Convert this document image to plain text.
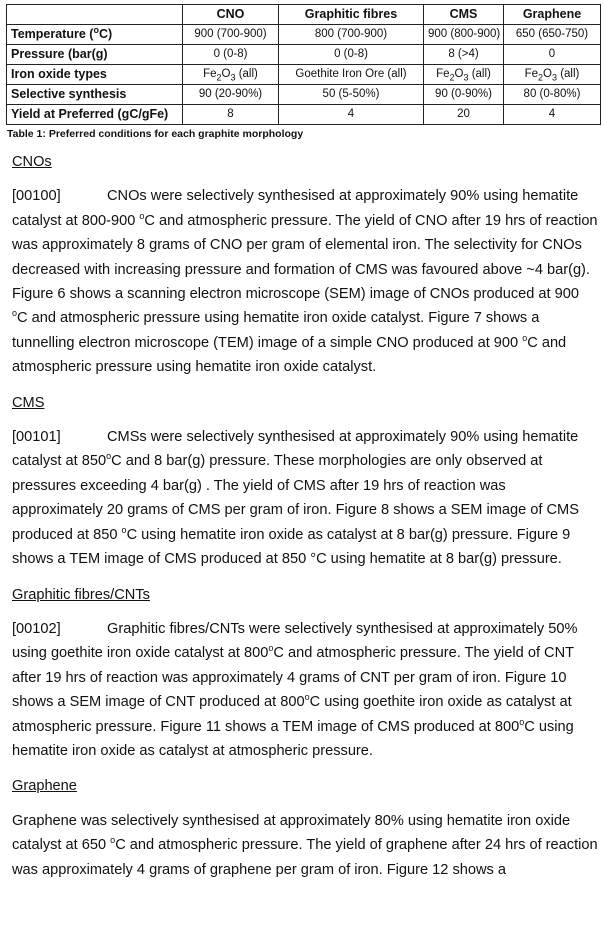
	CNO	Graphitic fibres	CMS	Graphene
Temperature ($^o$C)	900 (700-900)	800 (700-900)	900 (800-900)	650 (650-750)
Pressure (bar(g)	0 (0-8)	0 (0-8)	8 (>4)	0
Iron oxide types	$Fe_2O_3$ (all)	Goethite Iron Ore (all)	$Fe_2O_3$ (all)	$Fe_2O_3$ (all)
Selective synthesis	90 (20-90%)	50 (5-50%)	90 (0-90%)	80 (0-80%)
Yield at Preferred (gC/gFe)	8	4	20	4
Table 1: Preferred conditions for each graphite morphology

CNOs

[00100]	CNOs were selectively synthesised at approximately 90% using hematite catalyst at 800-900 $^o$C and atmospheric pressure. The yield of CNO after 19 hrs of reaction was approximately 8 grams of CNO per gram of elemental iron. The selectivity for CNOs decreased with increasing pressure and formation of CMS was favoured above ~4 bar(g). Figure 6 shows a scanning electron microscope (SEM) image of CNOs produced at 900 $^o$C and atmospheric pressure using hematite iron oxide catalyst. Figure 7 shows a tunnelling electron microscope (TEM) image of a simple CNO produced at 900 $^o$C and atmospheric pressure using hematite iron oxide catalyst.

CMS

[00101]	CMSs were selectively synthesised at approximately 90% using hematite catalyst at 850$^o$C and 8 bar(g) pressure. These morphologies are only observed at pressures exceeding 4 bar(g) . The yield of CMS after 19 hrs of reaction was approximately 20 grams of CMS per gram of iron. Figure 8 shows a SEM image of CMS produced at 850 $^o$C using hematite iron oxide as catalyst at 8 bar(g) pressure. Figure 9 shows a TEM image of CMS produced at 850 °C using hematite at 8 bar(g) pressure.

Graphitic fibres/CNTs

[00102]	Graphitic fibres/CNTs were selectively synthesised at approximately 50% using goethite iron oxide catalyst at 800$^o$C and atmospheric pressure. The yield of CNT after 19 hrs of reaction was approximately 4 grams of CNT per gram of iron. Figure 10 shows a SEM image of CNT produced at 800$^o$C using goethite iron oxide as catalyst at atmospheric pressure. Figure 11 shows a TEM image of CMS produced at 800$^o$C using hematite iron oxide as catalyst at atmospheric pressure.

Graphene

Graphene was selectively synthesised at approximately 80% using hematite iron oxide catalyst at 650 $^o$C and atmospheric pressure. The yield of graphene after 24 hrs of reaction was approximately 4 grams of graphene per gram of iron. Figure 12 shows a
